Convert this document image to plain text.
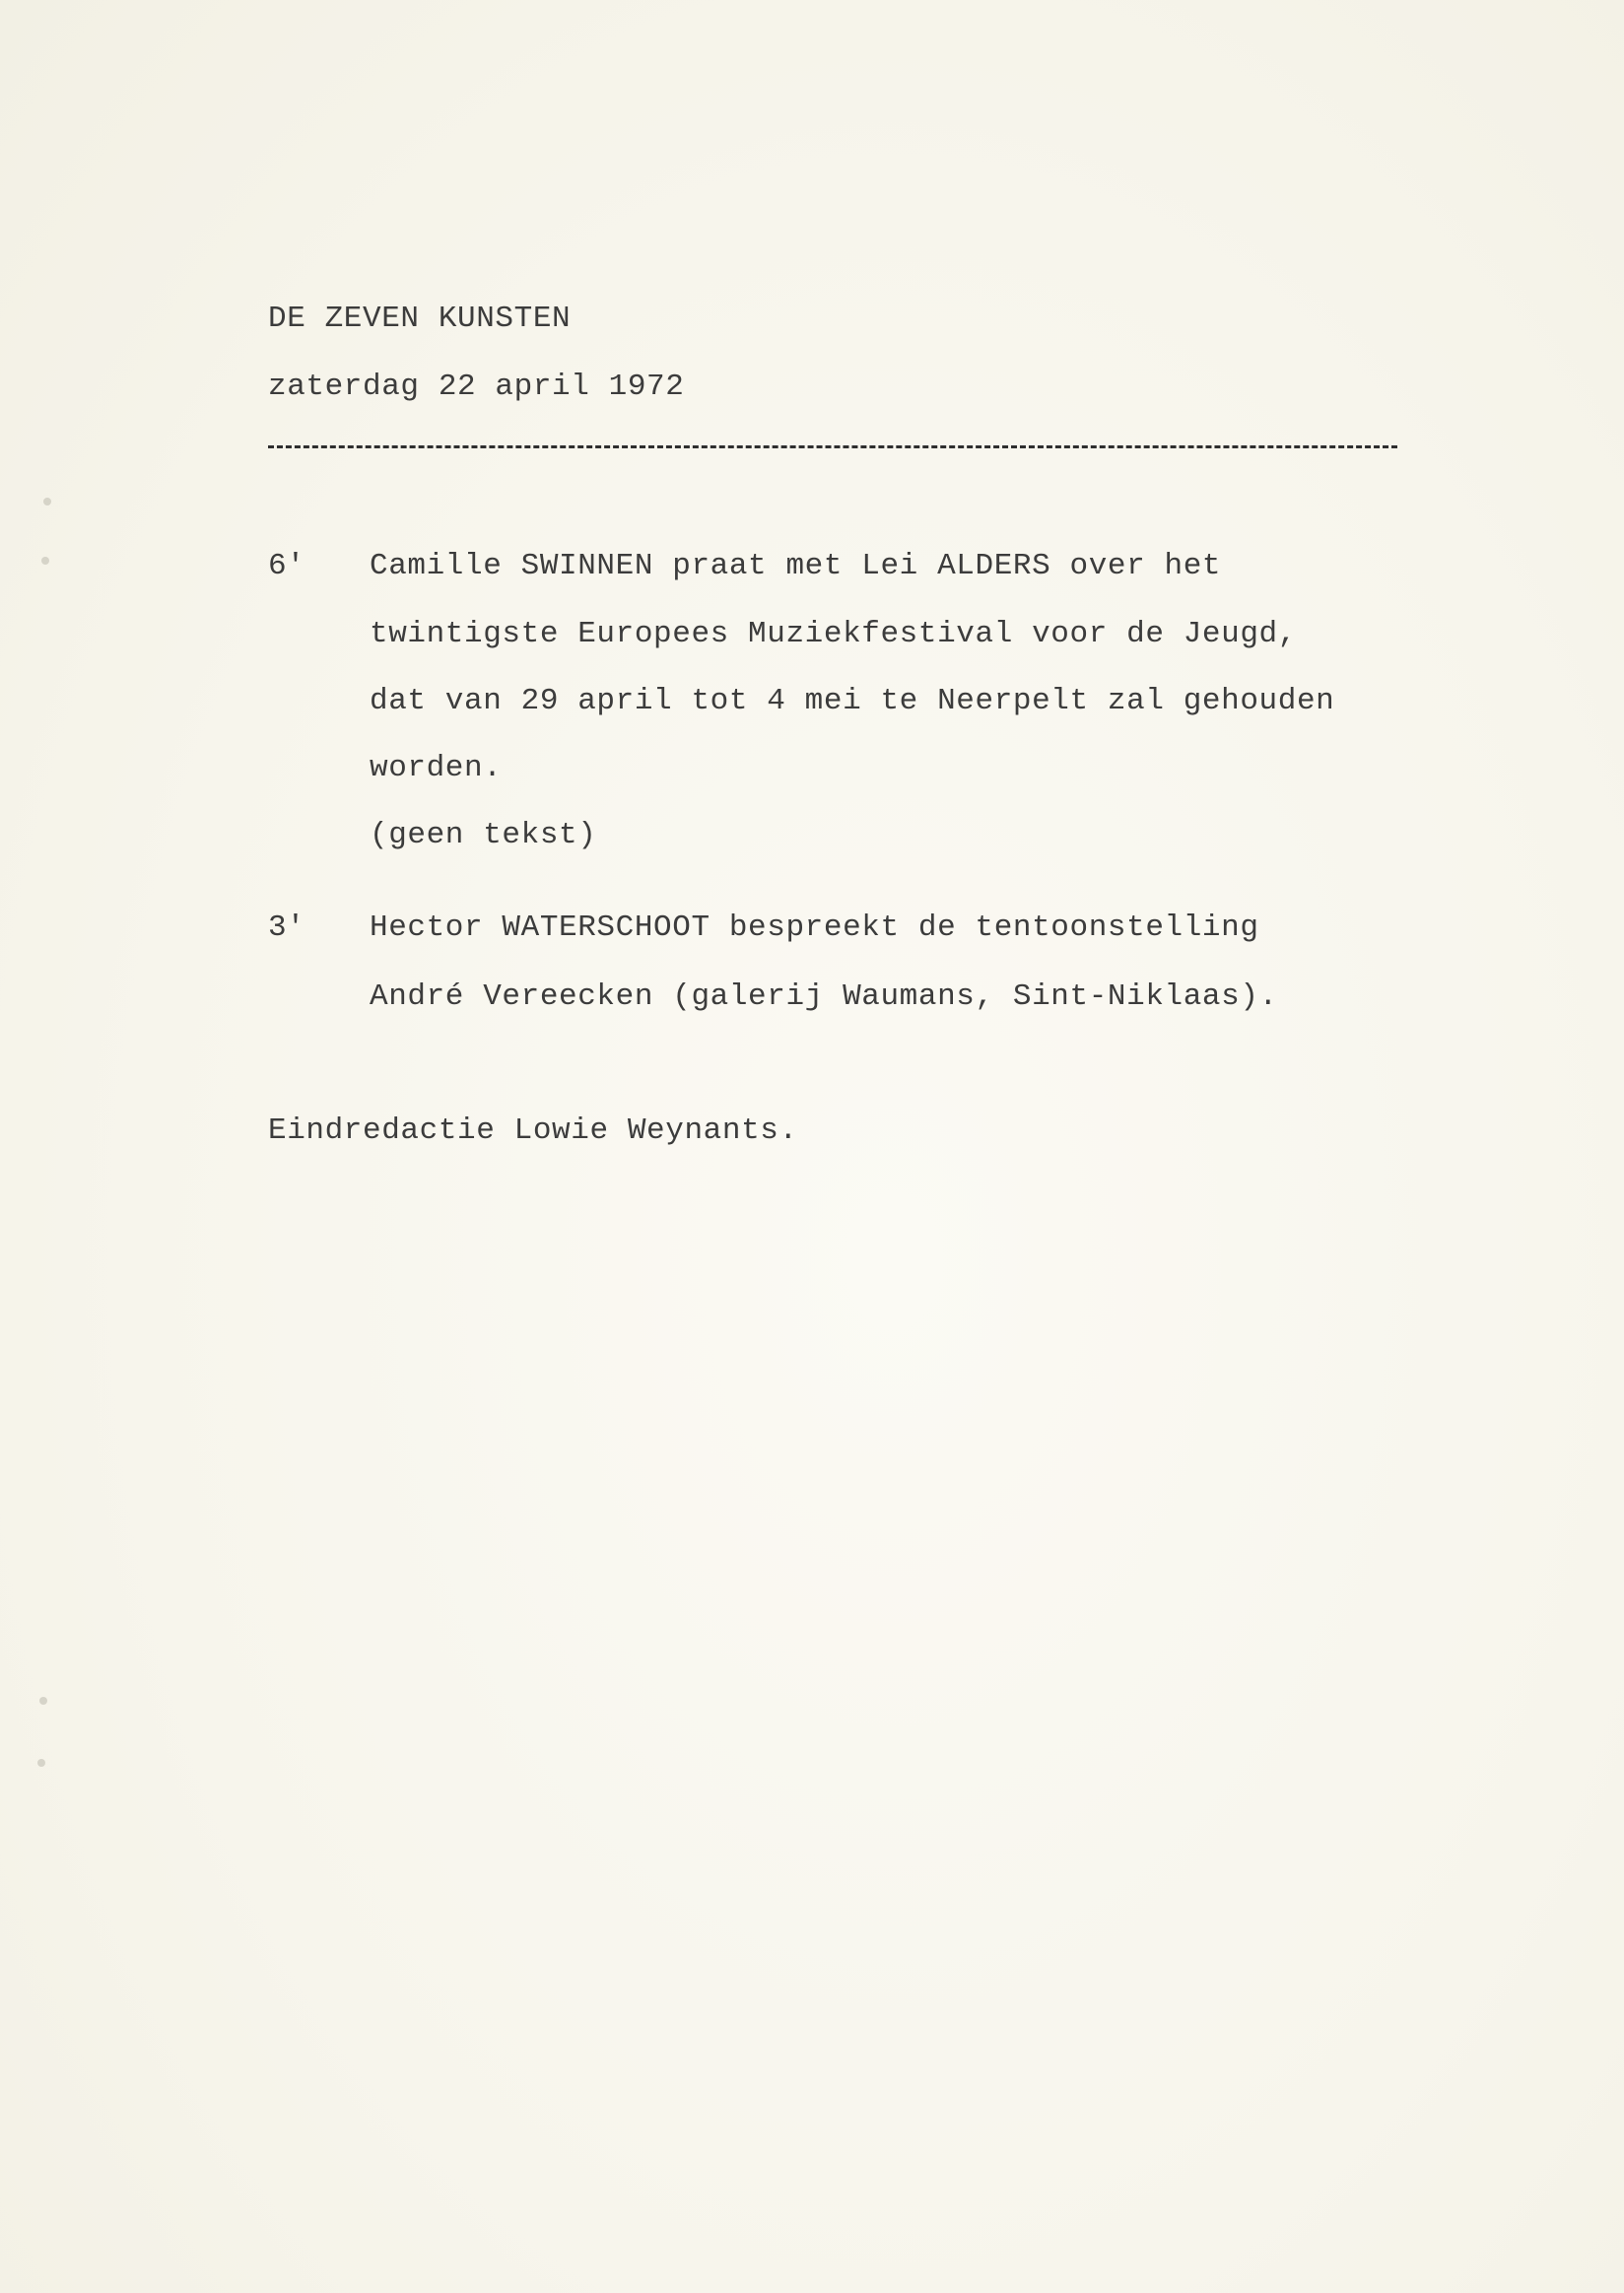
DE ZEVEN KUNSTEN
zaterdag 22 april 1972
6' Camille SWINNEN praat met Lei ALDERS over het
twintigste Europees Muziekfestival voor de Jeugd,
dat van 29 april tot 4 mei te Neerpelt zal gehouden
worden.
(geen tekst)
3' Hector WATERSCHOOT bespreekt de tentoonstelling
André Vereecken (galerij Waumans, Sint-Niklaas).
Eindredactie Lowie Weynants.
